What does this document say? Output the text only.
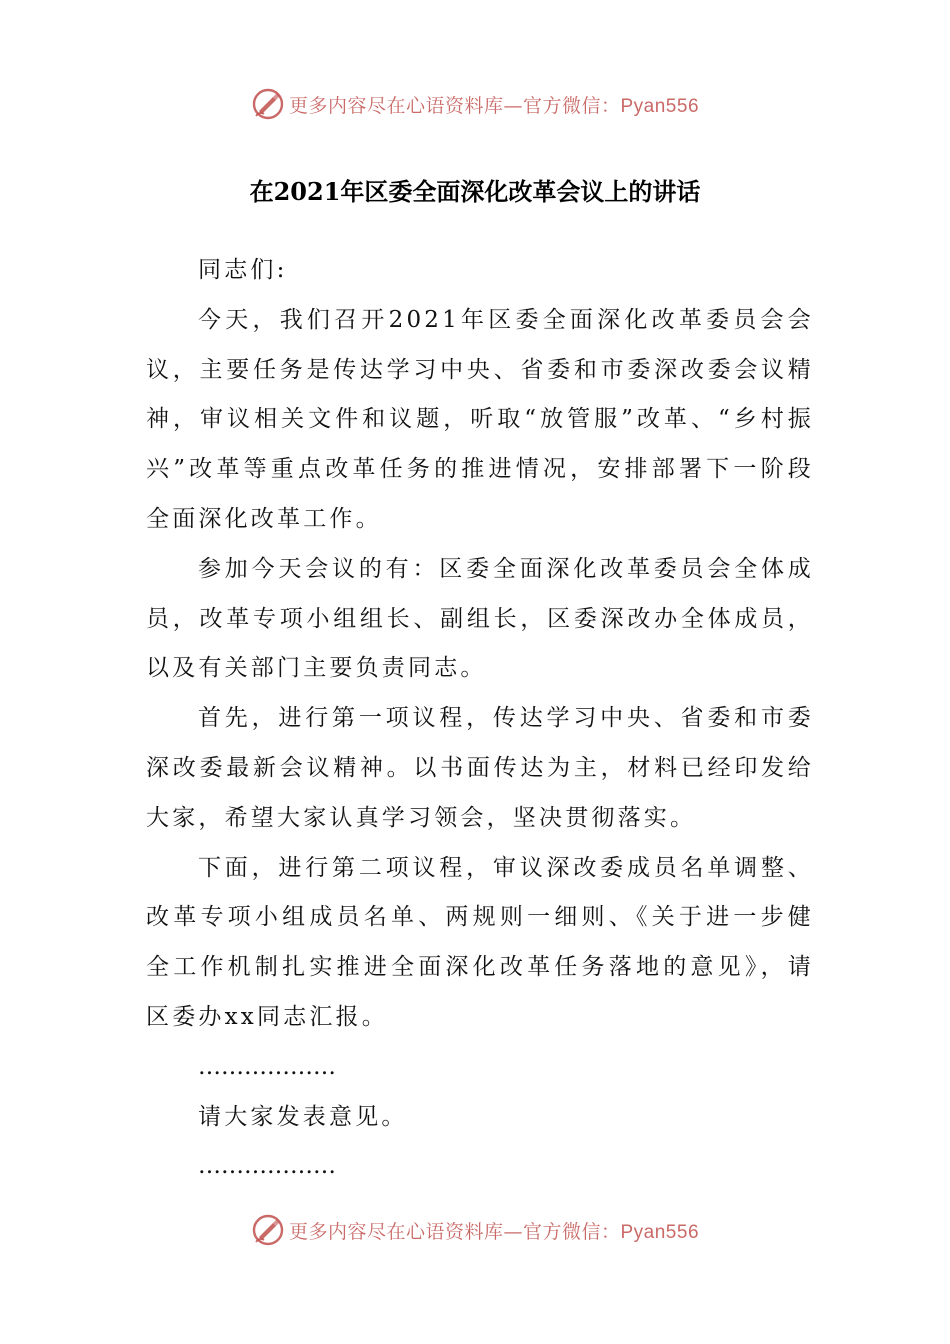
更多内容尽在心语资料库—官方微信：Pyan556
在2021年区委全面深化改革会议上的讲话

同志们:

今天，我们召开2021年区委全面深化改革委员会会议，主要任务是传达学习中央、省委和市委深改委会议精神，审议相关文件和议题，听取“放管服”改革、“乡村振兴”改革等重点改革任务的推进情况，安排部署下一阶段全面深化改革工作。

参加今天会议的有：区委全面深化改革委员会全体成员，改革专项小组组长、副组长，区委深改办全体成员，以及有关部门主要负责同志。

首先，进行第一项议程，传达学习中央、省委和市委深改委最新会议精神。以书面传达为主，材料已经印发给大家，希望大家认真学习领会，坚决贯彻落实。

下面，进行第二项议程，审议深改委成员名单调整、改革专项小组成员名单、两规则一细则、《关于进一步健全工作机制扎实推进全面深化改革任务落地的意见》，请区委办xx同志汇报。

………………

请大家发表意见。

………………

更多内容尽在心语资料库—官方微信：Pyan556
